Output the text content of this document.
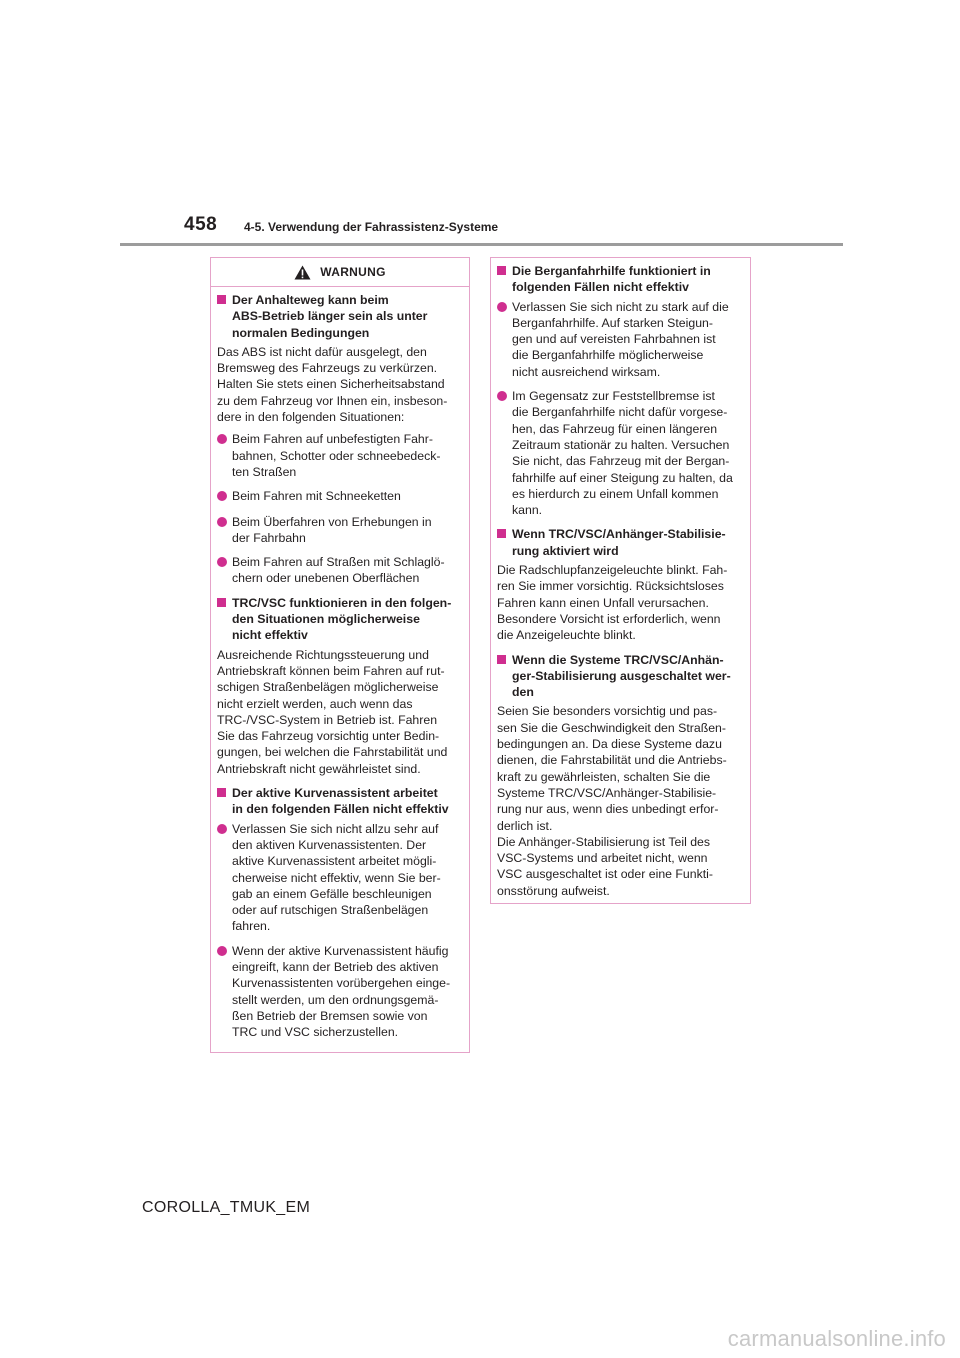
458 4-5. Verwendung der Fahrassistenz-Systeme
WARNUNG
Der Anhalteweg kann beim
ABS-Betrieb länger sein als unter
normalen Bedingungen
Das ABS ist nicht dafür ausgelegt, den
Bremsweg des Fahrzeugs zu verkürzen.
Halten Sie stets einen Sicherheitsabstand
zu dem Fahrzeug vor Ihnen ein, insbeson-
dere in den folgenden Situationen:
Beim Fahren auf unbefestigten Fahr-
bahnen, Schotter oder schneebedeck-
ten Straßen
Beim Fahren mit Schneeketten
Beim Überfahren von Erhebungen in
der Fahrbahn
Beim Fahren auf Straßen mit Schlaglö-
chern oder unebenen Oberflächen
TRC/VSC funktionieren in den folgen-
den Situationen möglicherweise
nicht effektiv
Ausreichende Richtungssteuerung und
Antriebskraft können beim Fahren auf rut-
schigen Straßenbelägen möglicherweise
nicht erzielt werden, auch wenn das
TRC-/VSC-System in Betrieb ist. Fahren
Sie das Fahrzeug vorsichtig unter Bedin-
gungen, bei welchen die Fahrstabilität und
Antriebskraft nicht gewährleistet sind.
Der aktive Kurvenassistent arbeitet
in den folgenden Fällen nicht effektiv
Verlassen Sie sich nicht allzu sehr auf
den aktiven Kurvenassistenten. Der
aktive Kurvenassistent arbeitet mögli-
cherweise nicht effektiv, wenn Sie ber-
gab an einem Gefälle beschleunigen
oder auf rutschigen Straßenbelägen
fahren.
Wenn der aktive Kurvenassistent häufig
eingreift, kann der Betrieb des aktiven
Kurvenassistenten vorübergehen einge-
stellt werden, um den ordnungsgemä-
ßen Betrieb der Bremsen sowie von
TRC und VSC sicherzustellen.
Die Berganfahrhilfe funktioniert in
folgenden Fällen nicht effektiv
Verlassen Sie sich nicht zu stark auf die
Berganfahrhilfe. Auf starken Steigun-
gen und auf vereisten Fahrbahnen ist
die Berganfahrhilfe möglicherweise
nicht ausreichend wirksam.
Im Gegensatz zur Feststellbremse ist
die Berganfahrhilfe nicht dafür vorgese-
hen, das Fahrzeug für einen längeren
Zeitraum stationär zu halten. Versuchen
Sie nicht, das Fahrzeug mit der Bergan-
fahrhilfe auf einer Steigung zu halten, da
es hierdurch zu einem Unfall kommen
kann.
Wenn TRC/VSC/Anhänger-Stabilisie-
rung aktiviert wird
Die Radschlupfanzeigeleuchte blinkt. Fah-
ren Sie immer vorsichtig. Rücksichtsloses
Fahren kann einen Unfall verursachen.
Besondere Vorsicht ist erforderlich, wenn
die Anzeigeleuchte blinkt.
Wenn die Systeme TRC/VSC/Anhän-
ger-Stabilisierung ausgeschaltet wer-
den
Seien Sie besonders vorsichtig und pas-
sen Sie die Geschwindigkeit den Straßen-
bedingungen an. Da diese Systeme dazu
dienen, die Fahrstabilität und die Antriebs-
kraft zu gewährleisten, schalten Sie die
Systeme TRC/VSC/Anhänger-Stabilisie-
rung nur aus, wenn dies unbedingt erfor-
derlich ist.
Die Anhänger-Stabilisierung ist Teil des
VSC-Systems und arbeitet nicht, wenn
VSC ausgeschaltet ist oder eine Funkti-
onsstörung aufweist.
COROLLA_TMUK_EM
carmanualsonline.info
